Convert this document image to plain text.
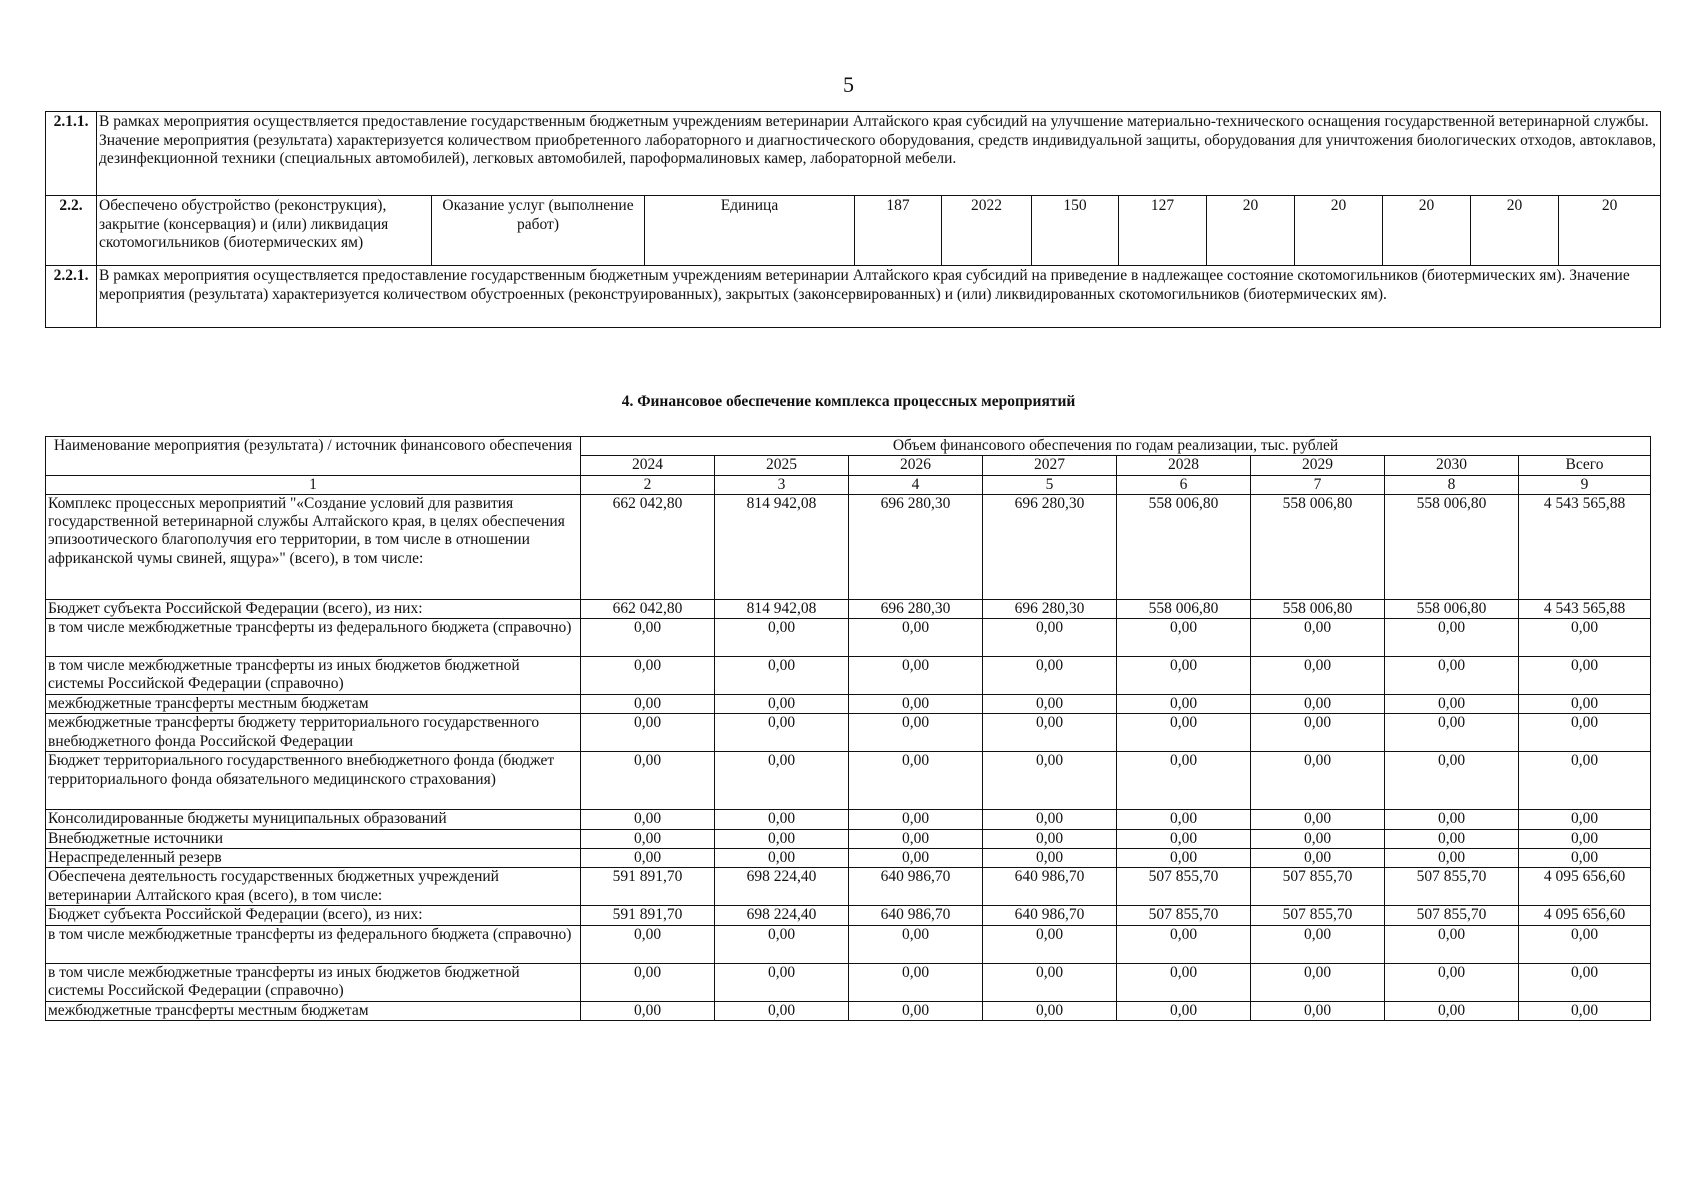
5
2.1.1.	В рамках мероприятия осуществляется предоставление государственным бюджетным учреждениям ветеринарии Алтайского края субсидий на улучшение материально-технического оснащения государственной ветеринарной службы. Значение мероприятия (результата) характеризуется количеством приобретенного лабораторного и диагностического оборудования, средств индивидуальной защиты, оборудования для уничтожения биологических отходов, автоклавов, дезинфекционной техники (специальных автомобилей), легковых автомобилей, пароформалиновых камер, лабораторной мебели.											
2.2.	Обеспечено обустройство (реконструкция), закрытие (консервация) и (или) ликвидация скотомогильников (биотермических ям)	Оказание услуг (выполнение работ)	Единица	187	2022	150	127	20	20	20	20	20
2.2.1.	В рамках мероприятия осуществляется предоставление государственным бюджетным учреждениям ветеринарии Алтайского края субсидий на приведение в надлежащее состояние скотомогильников (биотермических ям). Значение мероприятия (результата) характеризуется количеством обустроенных (реконструированных), закрытых (законсервированных) и (или) ликвидированных скотомогильников (биотермических ям).											
4. Финансовое обеспечение комплекса процессных мероприятий
Наименование мероприятия (результата) / источник финансового обеспечения	Объем финансового обеспечения по годам реализации, тыс. рублей							
	2024	2025	2026	2027	2028	2029	2030	Всего
1	2	3	4	5	6	7	8	9
Комплекс процессных мероприятий "«Создание условий для развития государственной ветеринарной службы Алтайского края, в целях обеспечения эпизоотического благополучия его территории, в том числе в отношении африканской чумы свиней, ящура»" (всего), в том числе:	662 042,80	814 942,08	696 280,30	696 280,30	558 006,80	558 006,80	558 006,80	4 543 565,88
Бюджет субъекта Российской Федерации (всего), из них:	662 042,80	814 942,08	696 280,30	696 280,30	558 006,80	558 006,80	558 006,80	4 543 565,88
в том числе межбюджетные трансферты из федерального бюджета (справочно)	0,00	0,00	0,00	0,00	0,00	0,00	0,00	0,00
в том числе межбюджетные трансферты из иных бюджетов бюджетной системы Российской Федерации (справочно)	0,00	0,00	0,00	0,00	0,00	0,00	0,00	0,00
межбюджетные трансферты местным бюджетам	0,00	0,00	0,00	0,00	0,00	0,00	0,00	0,00
межбюджетные трансферты бюджету территориального государственного внебюджетного фонда Российской Федерации	0,00	0,00	0,00	0,00	0,00	0,00	0,00	0,00
Бюджет территориального государственного внебюджетного фонда (бюджет территориального фонда обязательного медицинского страхования)	0,00	0,00	0,00	0,00	0,00	0,00	0,00	0,00
Консолидированные бюджеты муниципальных образований	0,00	0,00	0,00	0,00	0,00	0,00	0,00	0,00
Внебюджетные источники	0,00	0,00	0,00	0,00	0,00	0,00	0,00	0,00
Нераспределенный резерв	0,00	0,00	0,00	0,00	0,00	0,00	0,00	0,00
Обеспечена деятельность государственных бюджетных учреждений ветеринарии Алтайского края (всего), в том числе:	591 891,70	698 224,40	640 986,70	640 986,70	507 855,70	507 855,70	507 855,70	4 095 656,60
Бюджет субъекта Российской Федерации (всего), из них:	591 891,70	698 224,40	640 986,70	640 986,70	507 855,70	507 855,70	507 855,70	4 095 656,60
в том числе межбюджетные трансферты из федерального бюджета (справочно)	0,00	0,00	0,00	0,00	0,00	0,00	0,00	0,00
в том числе межбюджетные трансферты из иных бюджетов бюджетной системы Российской Федерации (справочно)	0,00	0,00	0,00	0,00	0,00	0,00	0,00	0,00
межбюджетные трансферты местным бюджетам	0,00	0,00	0,00	0,00	0,00	0,00	0,00	0,00
